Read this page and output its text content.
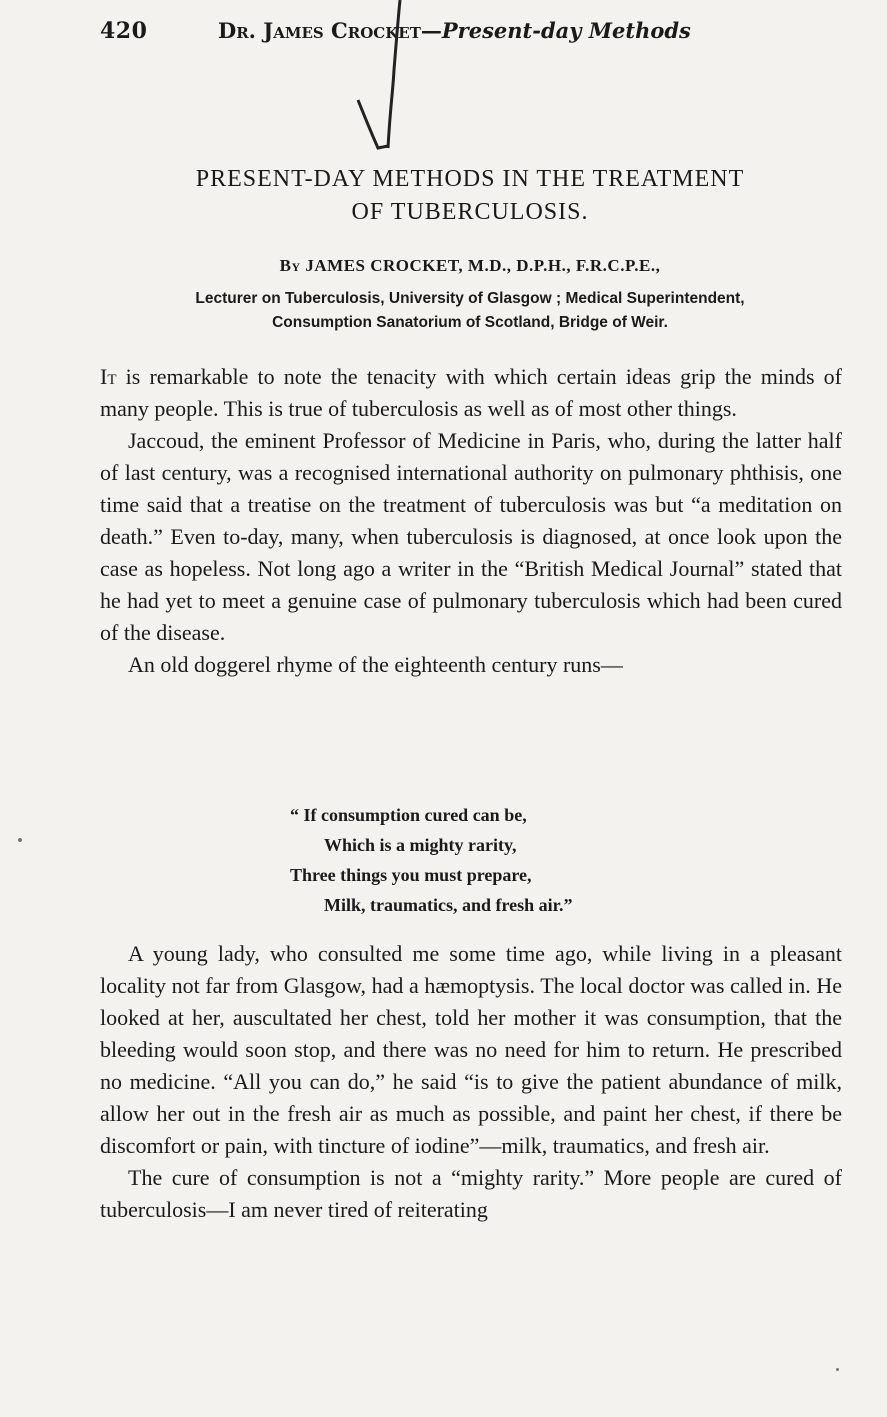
420	Dr. James Crocket—Present-day Methods
PRESENT-DAY METHODS IN THE TREATMENT
OF TUBERCULOSIS.
By JAMES CROCKET, M.D., D.P.H., F.R.C.P.E.,
Lecturer on Tuberculosis, University of Glasgow ; Medical Superintendent,
Consumption Sanatorium of Scotland, Bridge of Weir.

It is remarkable to note the tenacity with which certain ideas grip the minds of many people. This is true of tuberculosis as well as of most other things.

Jaccoud, the eminent Professor of Medicine in Paris, who, during the latter half of last century, was a recognised international authority on pulmonary phthisis, one time said that a treatise on the treatment of tuberculosis was but “a meditation on death.” Even to-day, many, when tuberculosis is diagnosed, at once look upon the case as hopeless. Not long ago a writer in the “British Medical Journal” stated that he had yet to meet a genuine case of pulmonary tuberculosis which had been cured of the disease.

An old doggerel rhyme of the eighteenth century runs—

“ If consumption cured can be,
Which is a mighty rarity,
Three things you must prepare,
Milk, traumatics, and fresh air.”

A young lady, who consulted me some time ago, while living in a pleasant locality not far from Glasgow, had a hæmoptysis. The local doctor was called in. He looked at her, auscultated her chest, told her mother it was consumption, that the bleeding would soon stop, and there was no need for him to return. He prescribed no medicine. “All you can do,” he said “is to give the patient abundance of milk, allow her out in the fresh air as much as possible, and paint her chest, if there be discomfort or pain, with tincture of iodine”—milk, traumatics, and fresh air.

The cure of consumption is not a “mighty rarity.” More people are cured of tuberculosis—I am never tired of reiterating
